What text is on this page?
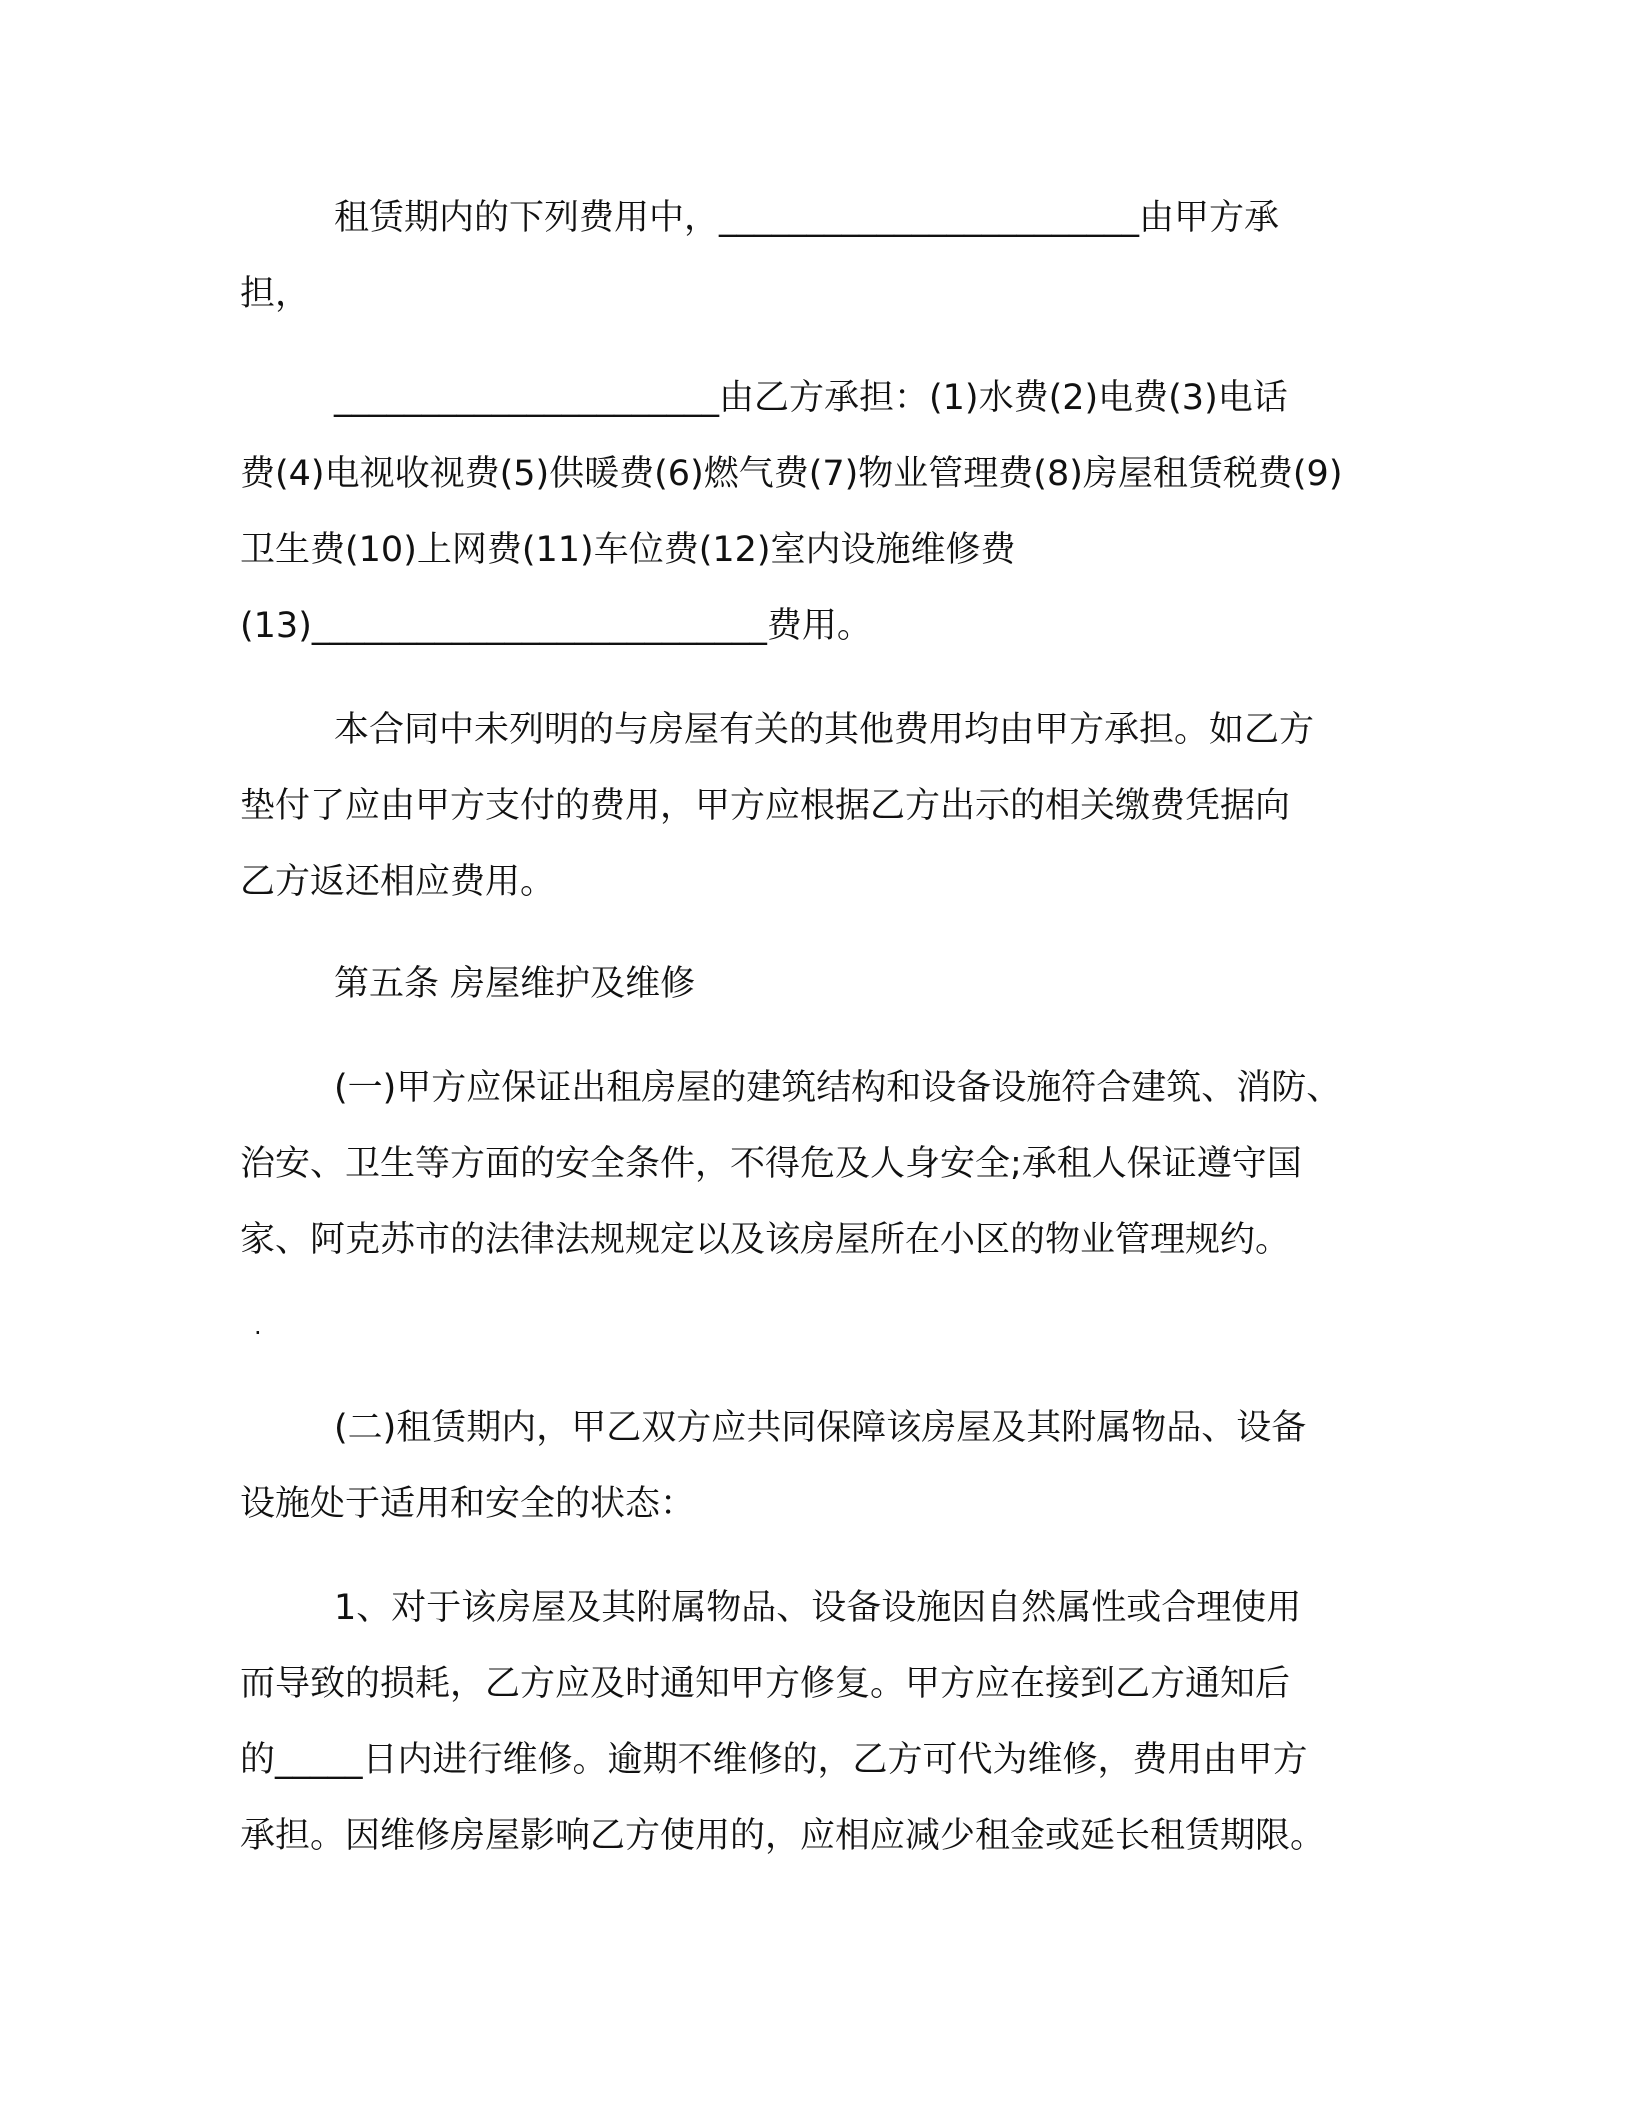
租赁期内的下列费用中，________________________由甲方承
担，
______________________由乙方承担：(1)水费(2)电费(3)电话
费(4)电视收视费(5)供暖费(6)燃气费(7)物业管理费(8)房屋租赁税费(9)
卫生费(10)上网费(11)车位费(12)室内设施维修费
(13)__________________________费用。
本合同中未列明的与房屋有关的其他费用均由甲方承担。如乙方
垫付了应由甲方支付的费用，甲方应根据乙方出示的相关缴费凭据向
乙方返还相应费用。
第五条 房屋维护及维修
(一)甲方应保证出租房屋的建筑结构和设备设施符合建筑、消防、
治安、卫生等方面的安全条件，不得危及人身安全;承租人保证遵守国
家、阿克苏市的法律法规规定以及该房屋所在小区的物业管理规约。
·
(二)租赁期内，甲乙双方应共同保障该房屋及其附属物品、设备
设施处于适用和安全的状态：
1、对于该房屋及其附属物品、设备设施因自然属性或合理使用
而导致的损耗，乙方应及时通知甲方修复。甲方应在接到乙方通知后
的_____日内进行维修。逾期不维修的，乙方可代为维修，费用由甲方
承担。因维修房屋影响乙方使用的，应相应减少租金或延长租赁期限。
